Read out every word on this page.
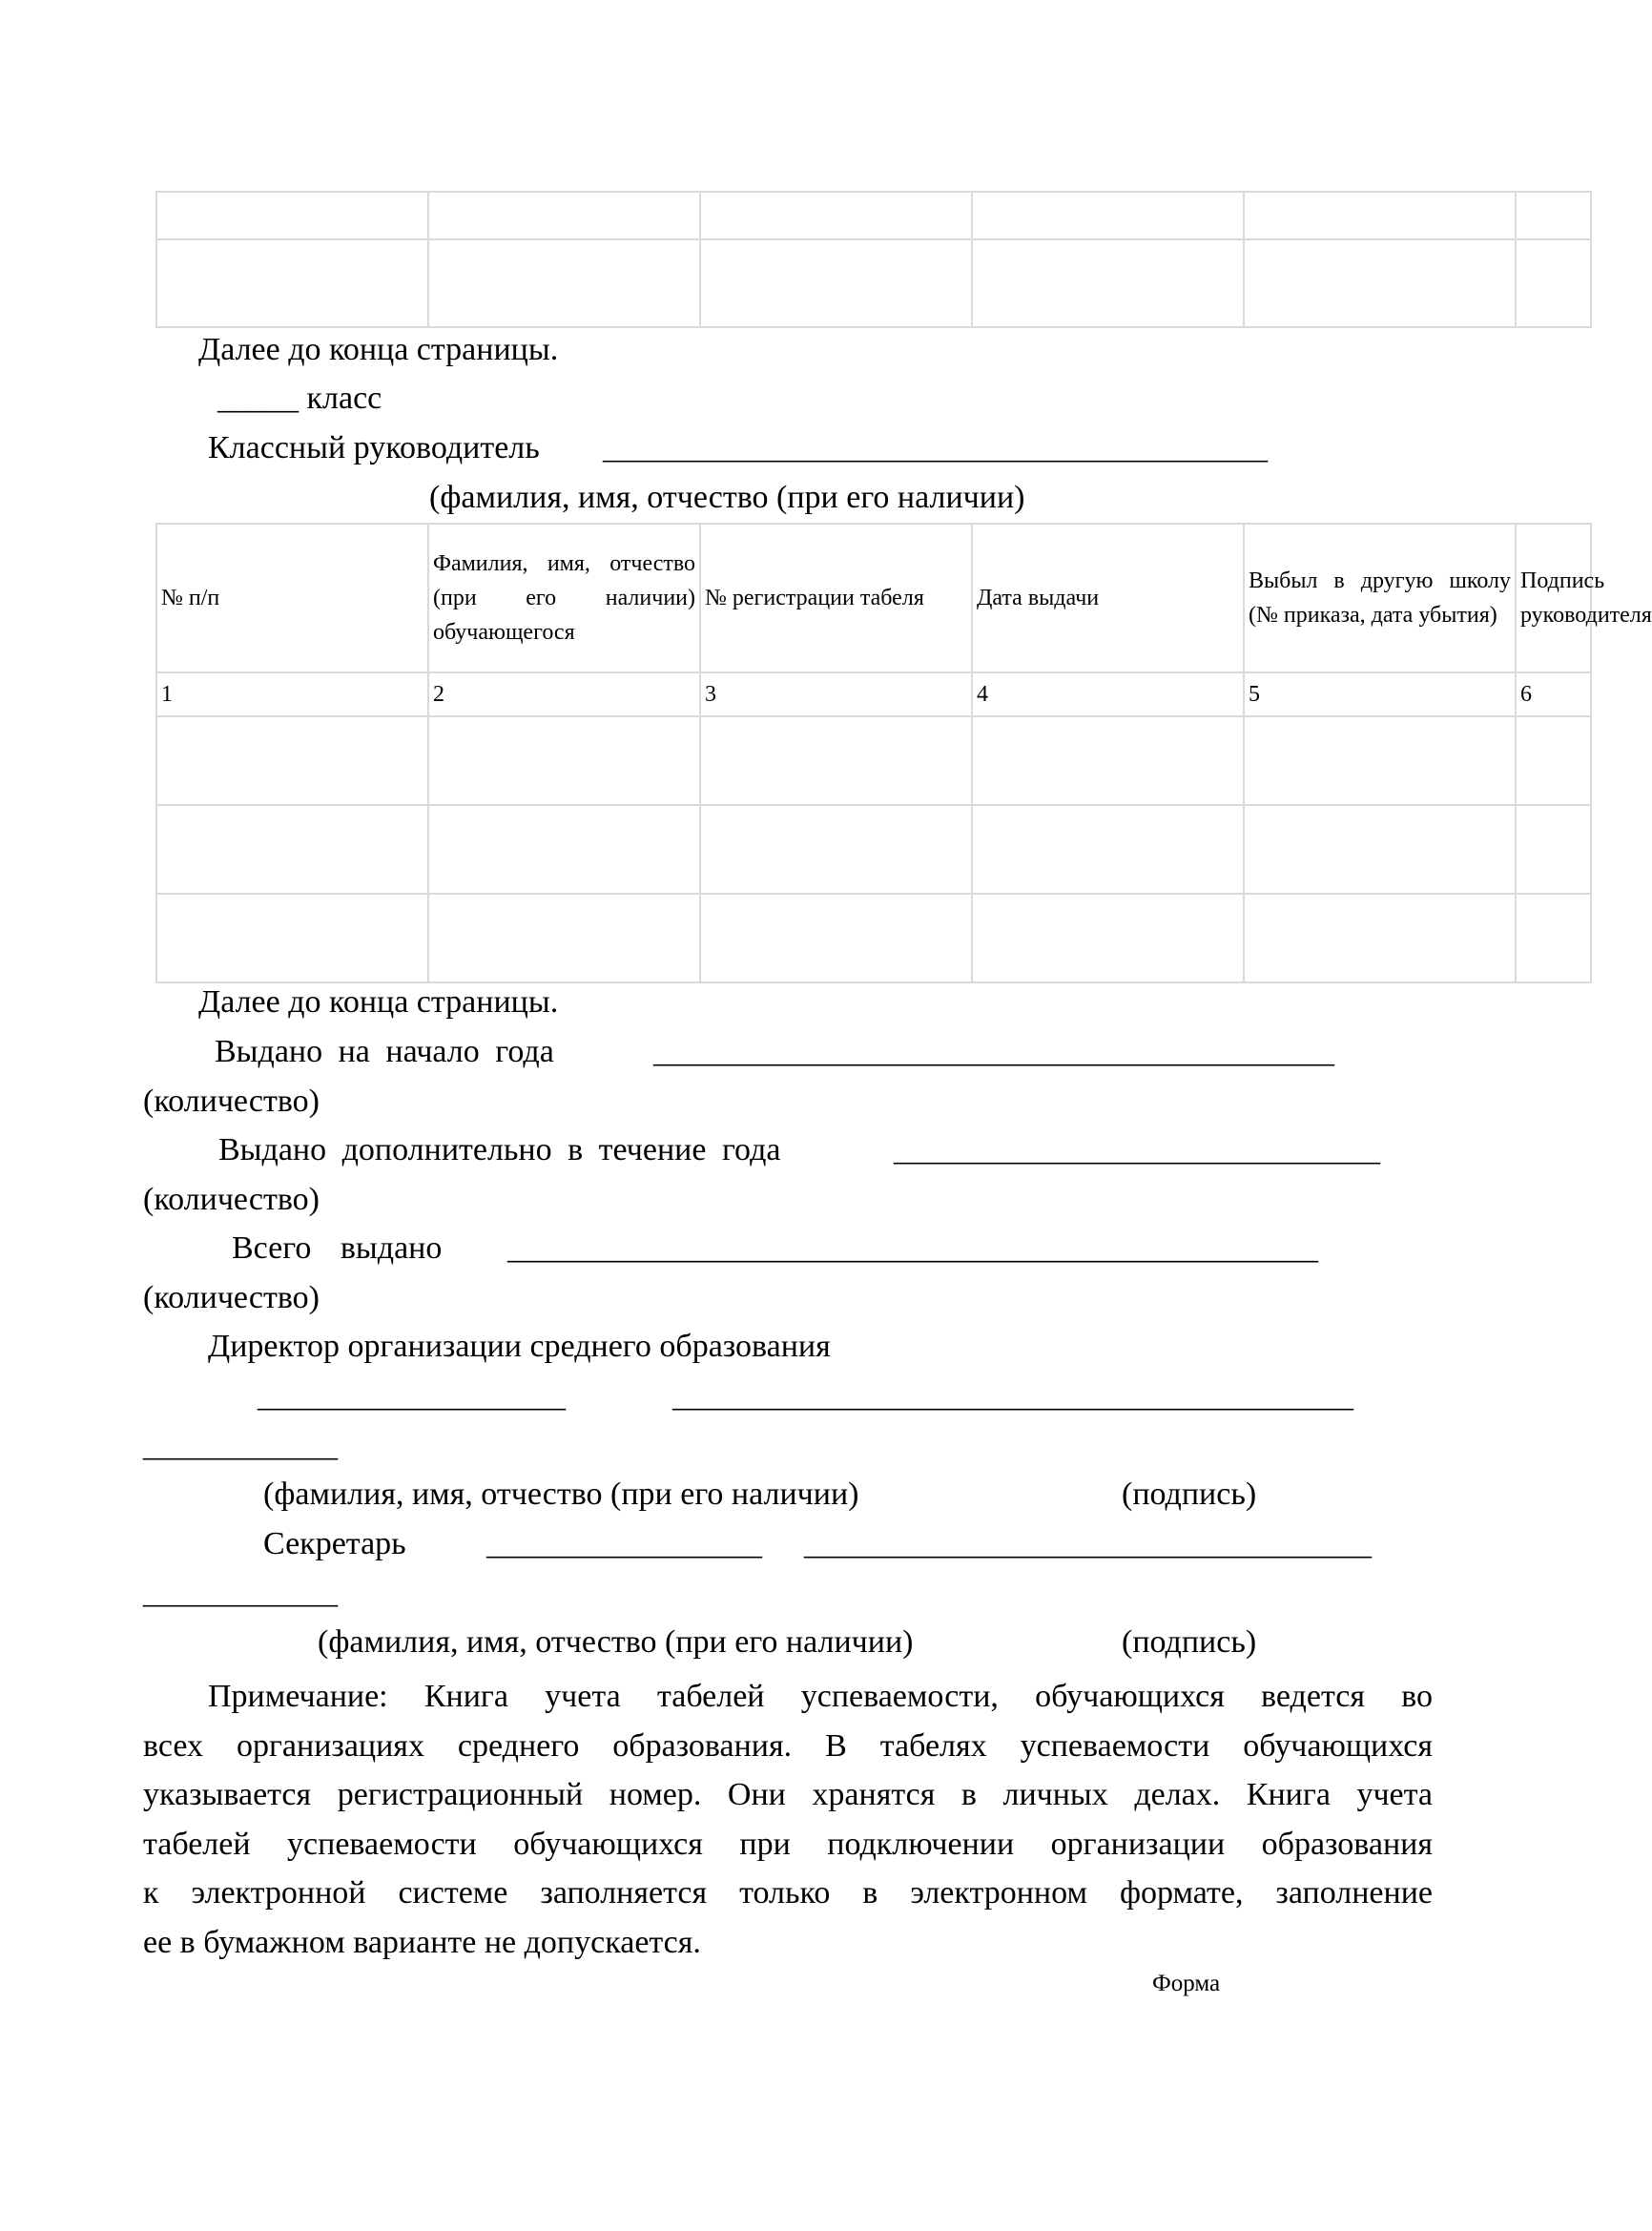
Далее до конца страницы.
_____ класс
Классный руководитель _________________________________________
(фамилия, имя, отчество (при его наличии)
№ п/п	Фамилия, имя, отчество (при его наличии) обучающегося	№ регистрации табеля	Дата выдачи	Выбыл в другую школу (№ приказа, дата убытия)	Подпись руководителя

1	2	3	4	5	6

Далее до конца страницы.
Выдано на начало года	__________________________________________
(количество)
Выдано дополнительно в течение года	______________________________
(количество)
Всего выдано __________________________________________________
(количество)
Директор организации среднего образования
___________________	__________________________________________
____________
(фамилия, имя, отчество (при его наличии)	(подпись)
Секретарь _________________ ___________________________________
____________
(фамилия, имя, отчество (при его наличии)	(подпись)
Примечание: Книга учета табелей успеваемости, обучающихся ведется во
всех организациях среднего образования. В табелях успеваемости обучающихся
указывается регистрационный номер. Они хранятся в личных делах. Книга учета
табелей успеваемости обучающихся при подключении организации образования
к электронной системе заполняется только в электронном формате, заполнение
ее в бумажном варианте не допускается.
Форма
